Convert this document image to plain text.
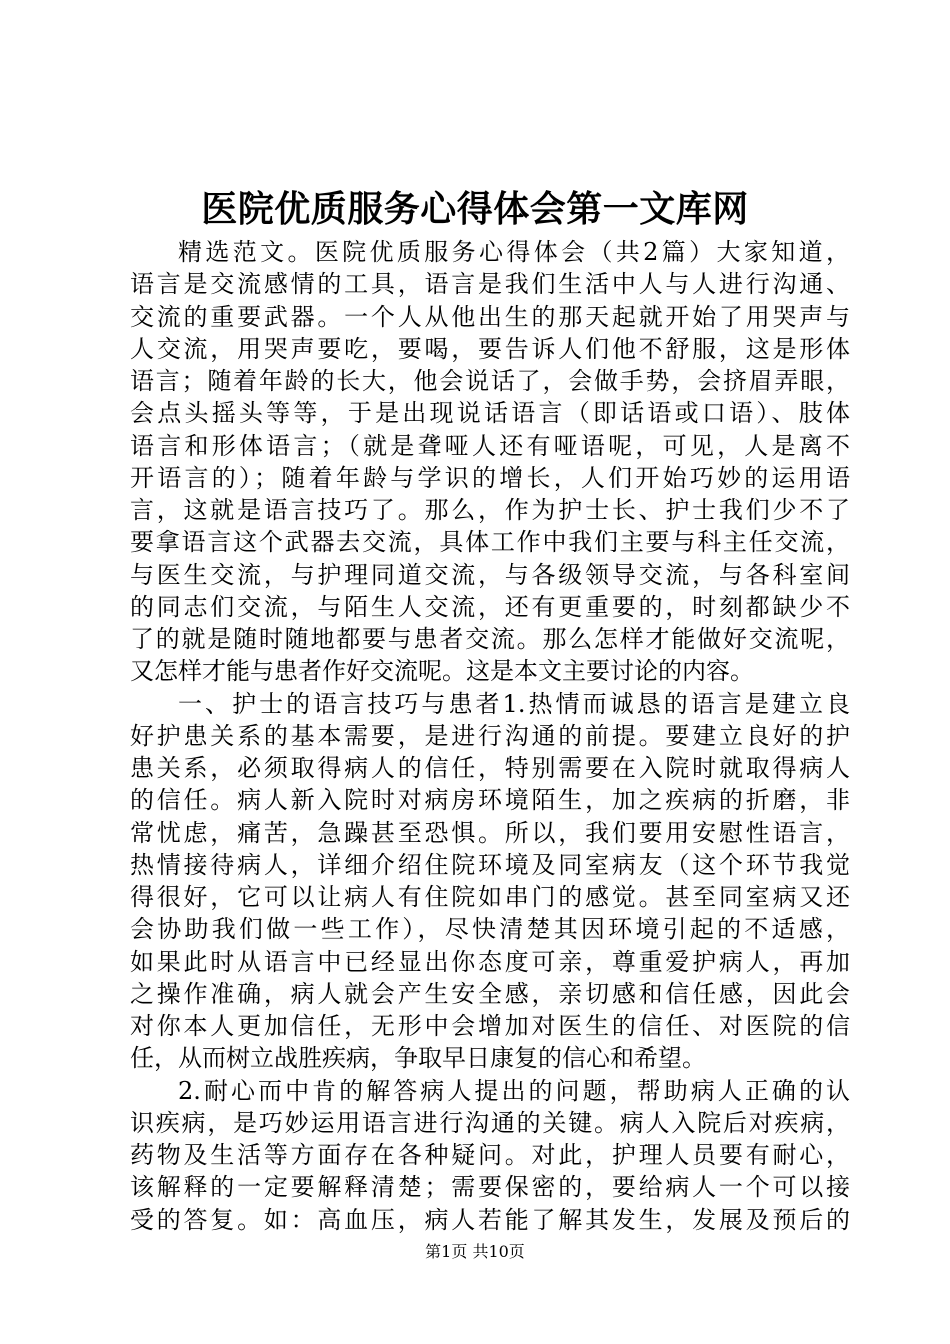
医院优质服务心得体会第一文库网
精选范文。医院优质服务心得体会（共2篇）大家知道，
语言是交流感情的工具，语言是我们生活中人与人进行沟通、
交流的重要武器。一个人从他出生的那天起就开始了用哭声与
人交流，用哭声要吃，要喝，要告诉人们他不舒服，这是形体
语言；随着年龄的长大，他会说话了，会做手势，会挤眉弄眼，
会点头摇头等等，于是出现说话语言（即话语或口语）、肢体
语言和形体语言；（就是聋哑人还有哑语呢，可见，人是离不
开语言的）；随着年龄与学识的增长，人们开始巧妙的运用语
言，这就是语言技巧了。那么，作为护士长、护士我们少不了
要拿语言这个武器去交流，具体工作中我们主要与科主任交流，
与医生交流，与护理同道交流，与各级领导交流，与各科室间
的同志们交流，与陌生人交流，还有更重要的，时刻都缺少不
了的就是随时随地都要与患者交流。那么怎样才能做好交流呢，
又怎样才能与患者作好交流呢。这是本文主要讨论的内容。
一、护士的语言技巧与患者1.热情而诚恳的语言是建立良
好护患关系的基本需要，是进行沟通的前提。要建立良好的护
患关系，必须取得病人的信任，特别需要在入院时就取得病人
的信任。病人新入院时对病房环境陌生，加之疾病的折磨，非
常忧虑，痛苦，急躁甚至恐惧。所以，我们要用安慰性语言，
热情接待病人，详细介绍住院环境及同室病友（这个环节我觉
得很好，它可以让病人有住院如串门的感觉。甚至同室病又还
会协助我们做一些工作），尽快清楚其因环境引起的不适感，
如果此时从语言中已经显出你态度可亲，尊重爱护病人，再加
之操作准确，病人就会产生安全感，亲切感和信任感，因此会
对你本人更加信任，无形中会增加对医生的信任、对医院的信
任，从而树立战胜疾病，争取早日康复的信心和希望。
2.耐心而中肯的解答病人提出的问题，帮助病人正确的认
识疾病，是巧妙运用语言进行沟通的关键。病人入院后对疾病，
药物及生活等方面存在各种疑问。对此，护理人员要有耐心，
该解释的一定要解释清楚；需要保密的，要给病人一个可以接
受的答复。如：高血压，病人若能了解其发生，发展及预后的
第1页 共10页
